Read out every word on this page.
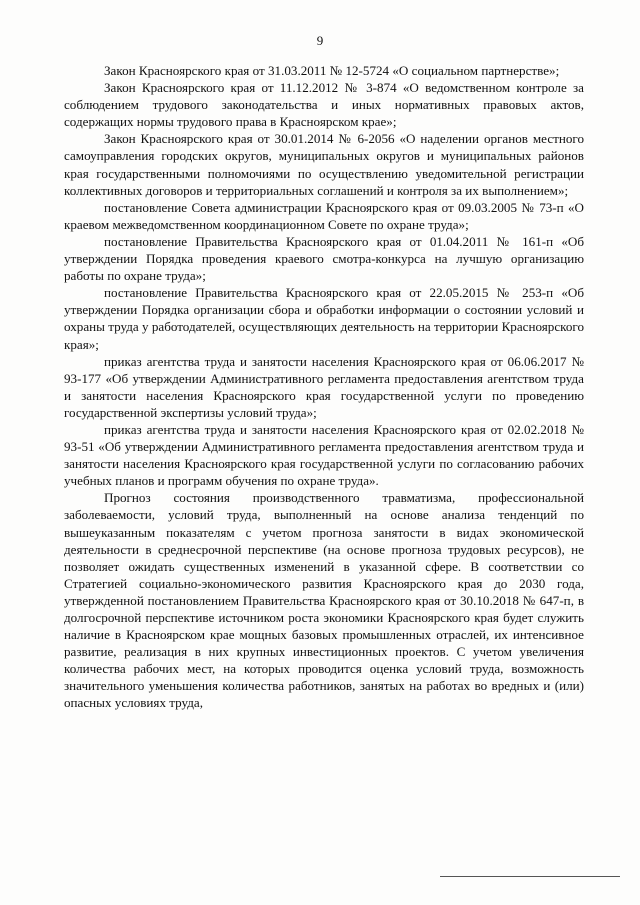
9

Закон Красноярского края от 31.03.2011 № 12-5724 «О социальном партнерстве»;

Закон Красноярского края от 11.12.2012 № 3-874 «О ведомственном контроле за соблюдением трудового законодательства и иных нормативных правовых актов, содержащих нормы трудового права в Красноярском крае»;

Закон Красноярского края от 30.01.2014 № 6-2056 «О наделении органов местного самоуправления городских округов, муниципальных округов и муниципальных районов края государственными полномочиями по осуществлению уведомительной регистрации коллективных договоров и территориальных соглашений и контроля за их выполнением»;

постановление Совета администрации Красноярского края от 09.03.2005 № 73-п «О краевом межведомственном координационном Совете по охране труда»;

постановление Правительства Красноярского края от 01.04.2011 № 161-п «Об утверждении Порядка проведения краевого смотра-конкурса на лучшую организацию работы по охране труда»;

постановление Правительства Красноярского края от 22.05.2015 № 253-п «Об утверждении Порядка организации сбора и обработки информации о состоянии условий и охраны труда у работодателей, осуществляющих деятельность на территории Красноярского края»;

приказ агентства труда и занятости населения Красноярского края от 06.06.2017 № 93-177 «Об утверждении Административного регламента предоставления агентством труда и занятости населения Красноярского края государственной услуги по проведению государственной экспертизы условий труда»;

приказ агентства труда и занятости населения Красноярского края от 02.02.2018 № 93-51 «Об утверждении Административного регламента предоставления агентством труда и занятости населения Красноярского края государственной услуги по согласованию рабочих учебных планов и программ обучения по охране труда».

Прогноз состояния производственного травматизма, профессиональной заболеваемости, условий труда, выполненный на основе анализа тенденций по вышеуказанным показателям с учетом прогноза занятости в видах экономической деятельности в среднесрочной перспективе (на основе прогноза трудовых ресурсов), не позволяет ожидать существенных изменений в указанной сфере. В соответствии со Стратегией социально-экономического развития Красноярского края до 2030 года, утвержденной постановлением Правительства Красноярского края от 30.10.2018 № 647-п, в долгосрочной перспективе источником роста экономики Красноярского края будет служить наличие в Красноярском крае мощных базовых промышленных отраслей, их интенсивное развитие, реализация в них крупных инвестиционных проектов. С учетом увеличения количества рабочих мест, на которых проводится оценка условий труда, возможность значительного уменьшения количества работников, занятых на работах во вредных и (или) опасных условиях труда,
